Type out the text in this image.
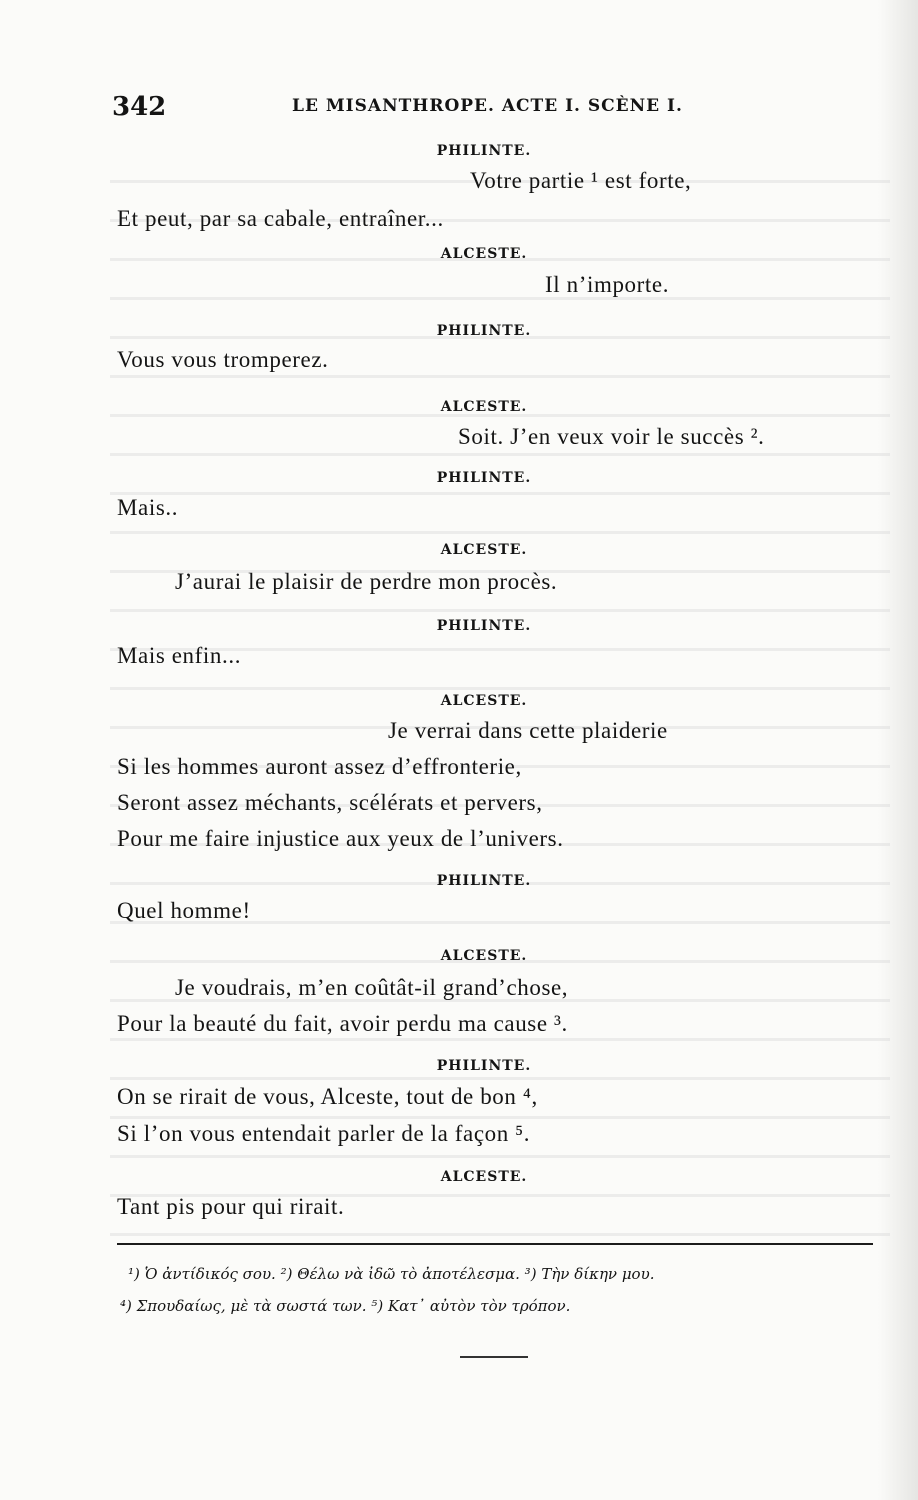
342	LE MISANTHROPE. ACTE I. SCÈNE I.
PHILINTE.
ALCESTE.
PHILINTE.
ALCESTE.
PHILINTE.
ALCESTE.
PHILINTE.
ALCESTE.
PHILINTE.
ALCESTE.
PHILINTE.
ALCESTE.
Votre partie ¹ est forte,
Et peut, par sa cabale, entraîner...
Il n’importe.
Vous vous tromperez.
Soit. J’en veux voir le succès ².
Mais..
J’aurai le plaisir de perdre mon procès.
Mais enfin...
Je verrai dans cette plaiderie
Si les hommes auront assez d’effronterie,
Seront assez méchants, scélérats et pervers,
Pour me faire injustice aux yeux de l’univers.
Quel homme!
Je voudrais, m’en coûtât-il grand’chose,
Pour la beauté du fait, avoir perdu ma cause ³.
On se rirait de vous, Alceste, tout de bon ⁴,
Si l’on vous entendait parler de la façon ⁵.
Tant pis pour qui rirait.
¹) Ὁ ἀντίδικός σου. ²) Θέλω νὰ ἰδῶ τὸ ἀποτέλεσμα. ³) Τὴν δίκην μου.
⁴) Σπουδαίως, μὲ τὰ σωστά των. ⁵) Κατ᾽ αὐτὸν τὸν τρόπον.
